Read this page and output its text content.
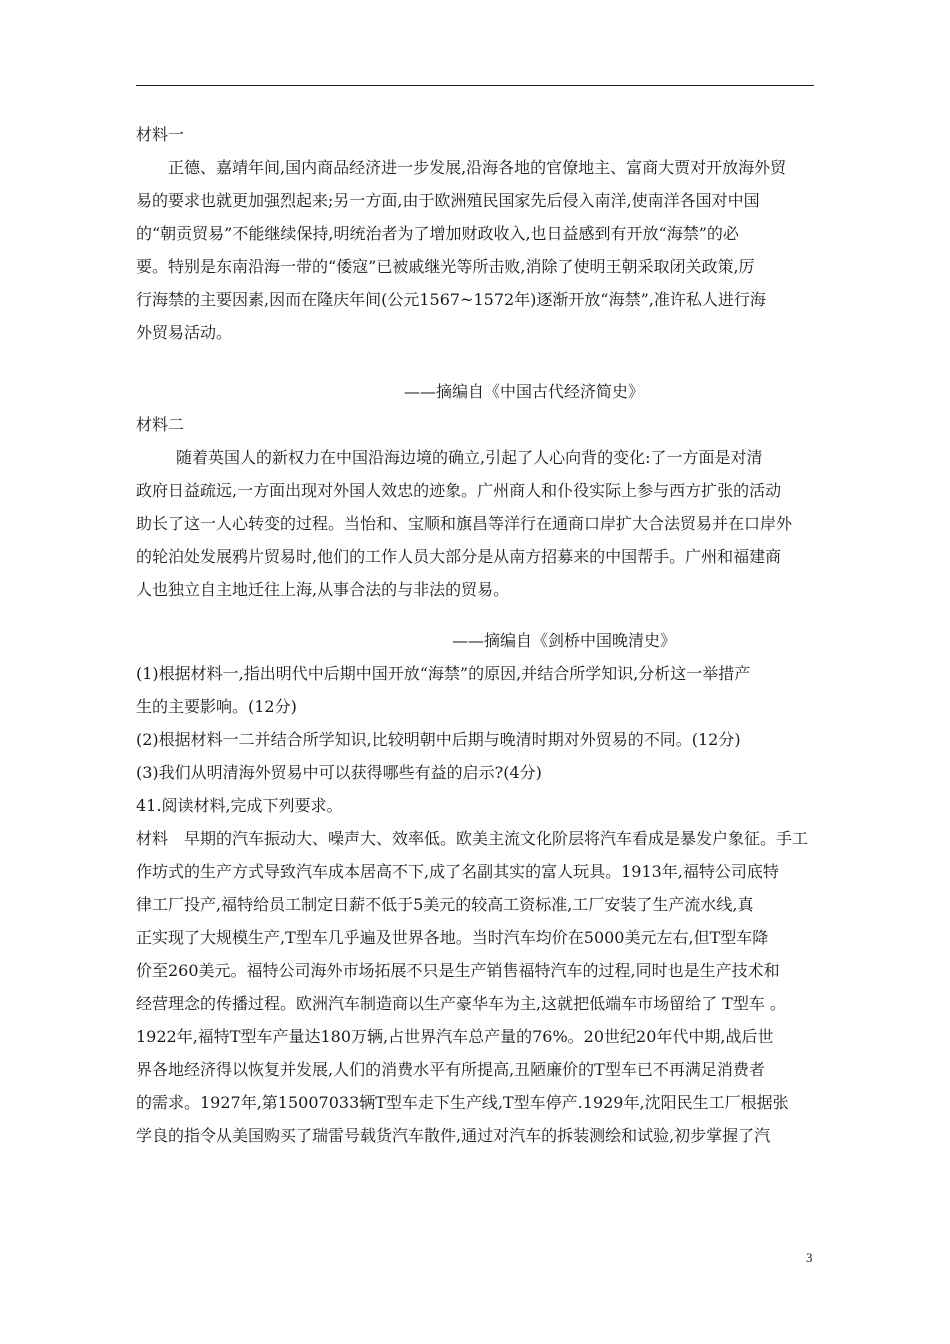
材料一
正德、嘉靖年间,国内商品经济进一步发展,沿海各地的官僚地主、富商大贾对开放海外贸
易的要求也就更加强烈起来;另一方面,由于欧洲殖民国家先后侵入南洋,使南洋各国对中国
的“朝贡贸易”不能继续保持,明统治者为了增加财政收入,也日益感到有开放“海禁”的必
要。特别是东南沿海一带的“倭寇”已被戚继光等所击败,消除了使明王朝采取闭关政策,厉
行海禁的主要因素,因而在隆庆年间(公元1567~1572年)逐渐开放“海禁”,准许私人进行海
外贸易活动。
——摘编自《中国古代经济简史》
材料二
随着英国人的新权力在中国沿海边境的确立,引起了人心向背的变化:了一方面是对清
政府日益疏远,一方面出现对外国人效忠的迹象。广州商人和仆役实际上参与西方扩张的活动
助长了这一人心转变的过程。当怡和、宝顺和旗昌等洋行在通商口岸扩大合法贸易并在口岸外
的轮泊处发展鸦片贸易时,他们的工作人员大部分是从南方招募来的中国帮手。广州和福建商
人也独立自主地迁往上海,从事合法的与非法的贸易。
——摘编自《剑桥中国晚清史》
(1)根据材料一,指出明代中后期中国开放“海禁”的原因,并结合所学知识,分析这一举措产
生的主要影响。(12分)
(2)根据材料一二并结合所学知识,比较明朝中后期与晚清时期对外贸易的不同。(12分)
(3)我们从明清海外贸易中可以获得哪些有益的启示?(4分)
41.阅读材料,完成下列要求。
材料　早期的汽车振动大、噪声大、效率低。欧美主流文化阶层将汽车看成是暴发户象征。手工
作坊式的生产方式导致汽车成本居高不下,成了名副其实的富人玩具。1913年,福特公司底特
律工厂投产,福特给员工制定日薪不低于5美元的较高工资标准,工厂安装了生产流水线,真
正实现了大规模生产,T型车几乎遍及世界各地。当时汽车均价在5000美元左右,但T型车降
价至260美元。福特公司海外市场拓展不只是生产销售福特汽车的过程,同时也是生产技术和
经营理念的传播过程。欧洲汽车制造商以生产豪华车为主,这就把低端车市场留给了 T型车 。
1922年,福特T型车产量达180万辆,占世界汽车总产量的76%。20世纪20年代中期,战后世
界各地经济得以恢复并发展,人们的消费水平有所提高,丑陋廉价的T型车已不再满足消费者
的需求。1927年,第15007033辆T型车走下生产线,T型车停产.1929年,沈阳民生工厂根据张
学良的指令从美国购买了瑞雷号载货汽车散件,通过对汽车的拆装测绘和试验,初步掌握了汽
3
